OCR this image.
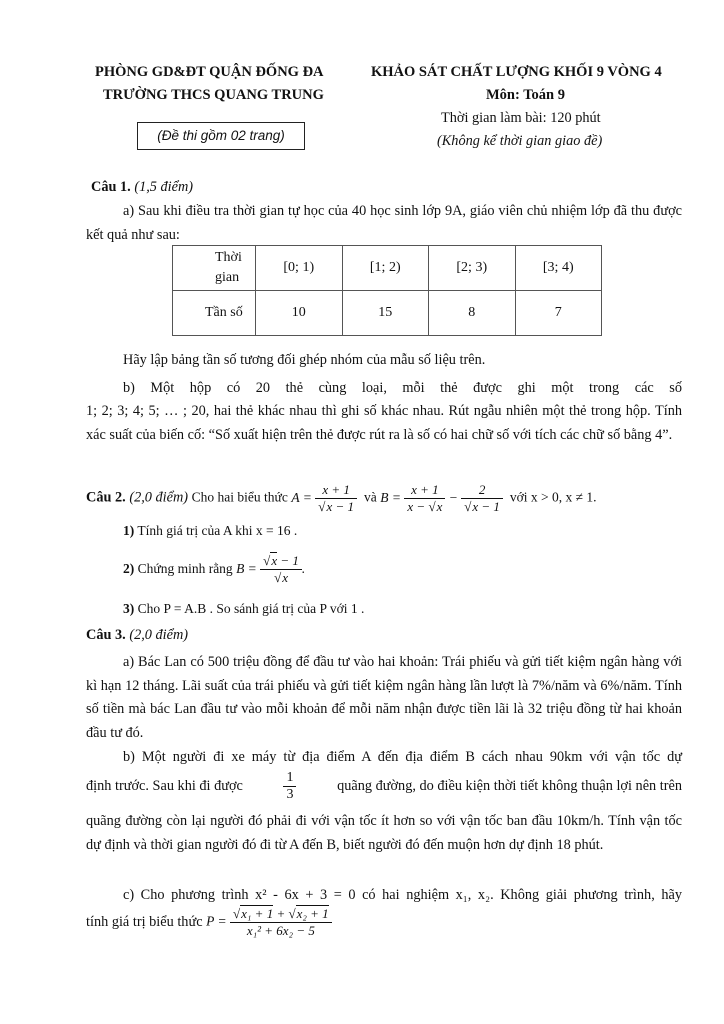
PHÒNG GD&ĐT QUẬN ĐỐNG ĐA
TRƯỜNG THCS QUANG TRUNG
(Đề thi gồm 02 trang)
KHẢO SÁT CHẤT LƯỢNG KHỐI 9 VÒNG 4
Môn: Toán 9
Thời gian làm bài: 120 phút
(Không kể thời gian giao đề)
Câu 1. (1,5 điểm)
a) Sau khi điều tra thời gian tự học của 40 học sinh lớp 9A, giáo viên chủ nhiệm lớp đã thu được kết quả như sau:
Thời gian	[0; 1)	[1; 2)	[2; 3)	[3; 4)

Tần số	10	15	8	7
Hãy lập bảng tần số tương đối ghép nhóm của mẫu số liệu trên.
b) Một hộp có 20 thẻ cùng loại, mỗi thẻ được ghi một trong các số
1; 2; 3; 4; 5; … ; 20, hai thẻ khác nhau thì ghi số khác nhau. Rút ngẫu nhiên một thẻ trong hộp. Tính xác suất của biến cố: “Số xuất hiện trên thẻ được rút ra là số có hai chữ số với tích các chữ số bằng 4”.
Câu 2. (2,0 điểm) Cho hai biểu thức $A = \frac{x + 1}{√x - 1}$ và $B = \frac{x + 1}{x - √x} - \frac{2}{√x - 1}$ với x > 0, x ≠ 1.
1) Tính giá trị của A khi x = 16 .
2) Chứng minh rằng $B = \frac{√x - 1}{√x}$ .
3) Cho P = A.B . So sánh giá trị của P với 1 .
Câu 3. (2,0 điểm)
a) Bác Lan có 500 triệu đồng để đầu tư vào hai khoản: Trái phiếu và gửi tiết kiệm ngân hàng với kì hạn 12 tháng. Lãi suất của trái phiếu và gửi tiết kiệm ngân hàng lần lượt là 7%/năm và 6%/năm. Tính số tiền mà bác Lan đầu tư vào mỗi khoản để mỗi năm nhận được tiền lãi là 32 triệu đồng từ hai khoản đầu tư đó.
b) Một người đi xe máy từ địa điểm A đến địa điểm B cách nhau 90km với vận tốc dự
định trước. Sau khi đi được	$\frac{1}{3}$	quãng đường, do điều kiện thời tiết không thuận lợi nên trên
quãng đường còn lại người đó phải đi với vận tốc ít hơn so với vận tốc ban đầu 10km/h. Tính vận tốc dự định và thời gian người đó đi từ A đến B, biết người đó đến muộn hơn dự định 18 phút.
c) Cho phương trình x² - 6x + 3 = 0 có hai nghiệm x₁, x₂. Không giải phương trình, hãy
tính giá trị biểu thức
$P = \frac{\text{√x₁ + 1 + √x₂ + 1}}{\text{x₁² + 6x₂ − 5}}$
